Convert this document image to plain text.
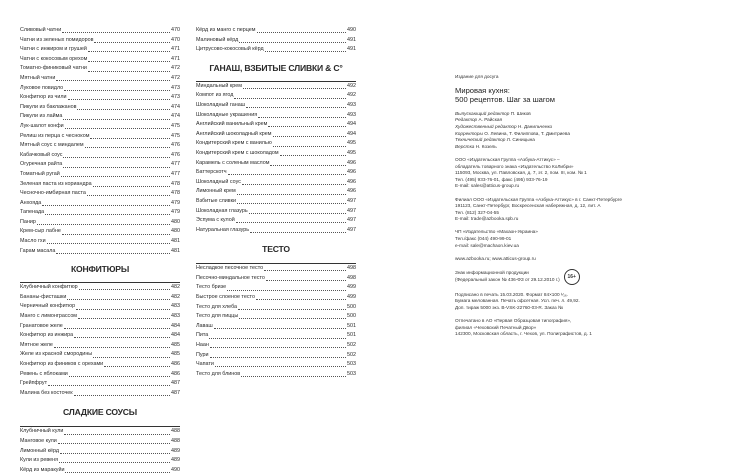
Сливовый чатни	470
Чатни из зеленых помидоров	470
Чатни с инжиром и грушей	471
Чатни с кокосовым орехом	471
Томатно-финиковый чатни	472
Мятный чатни	472
Луковое повидло	473
Конфитюр из чили	473
Пикули из баклажанов	474
Пикули из лайма	474
Лук-шалот конфи	475
Релиш из перца с чесноком	475
Мятный соус с миндалем	476
Кабачковый соус	476
Огуречная райта	477
Томатный ругай	477
Зеленая паста из кориандра	478
Чесночно-имбирная паста	478
Анхоядa	479
Тапенада	479
Панир	480
Крем-сыр лабне	480
Масло гхи	481
Гарам масала	481
КОНФИТЮРЫ
Клубничный конфитюр	482
Бананы-фисташки	482
Черничный конфитюр	483
Манго с лимонграссом	483
Гранатовое желе	484
Конфитюр из инжира	484
Мятное желе	485
Желе из красной смородины	485
Конфитюр из фиников с орехами	486
Ревень с яблоками	486
Грейпфрут	487
Малина без косточек	487
СЛАДКИЕ СОУСЫ
Клубничный кули	488
Манговое кули	488
Лимонный кёрд	489
Кули из ревеня	489
Кёрд из маракуйи	490
Кёрд из манго с перцем	490
Малиновый кёрд	491
Цитрусово-кокосовый кёрд	491
ГАНАШ, ВЗБИТЫЕ СЛИВКИ & C°
Миндальный крем	492
Компот из ягод	492
Шоколадный ганаш	493
Шоколадные украшения	493
Английский ванильный крем	494
Английский шоколадный крем	494
Кондитерский крем с ванилью	495
Кондитерский крем с шоколадом	495
Карамель с соленым маслом	496
Баттерскотч	496
Шоколадный соус	496
Лимонный крем	496
Взбитые сливки	497
Шоколадная глазурь	497
Эспума с кулой	497
Натуральная глазурь	497
ТЕСТО
Несладкое песочное тесто	498
Песочно-миндальное тесто	498
Тесто бризе	499
Быстрое слоеное тесто	499
Тесто для хлеба	500
Тесто для пиццы	500
Лаваш	501
Пита	501
Наан	502
Пури	502
Чапати	503
Тесто для блинов	503
Издание для досуга
Мировая кухня:
500 рецептов. Шаг за шагом
Выпускающий редактор П. Шиков
Редактор А. Райская
Художественный редактор Н. Данильченко
Корректоры О. Левина, Т. Филиппова, Т. Дмитриева
Технический редактор Л. Синицына
Верстка Н. Козель
ООО «Издательская Группа «Азбука-Аттикус» –
обладатель товарного знака «Издательство КоЛибри»
115093, Москва, ул. Павловская, д. 7, эт. 2, пом. III, ком. № 1
Тел. (495) 933-76-01, факс (495) 933-76-19
E-mail: sales@atticus-group.ru
Филиал ООО «Издательская Группа «Азбука-Аттикус» в г. Санкт-Петербурге
191123, Санкт-Петербург, Воскресенская набережная, д. 12, лит. А
Тел. (812) 327-04-55
E-mail: trade@azbooka.spb.ru
ЧП «Издательство «Махаон-Украина»
Тел./факс (044) 490-99-01
e-mail: sale@machaon.kiev.ua
www.azbooka.ru; www.atticus-group.ru
Знак информационной продукции
(Федеральный закон № 436-ФЗ от 29.12.2010 г.)	16+
Подписано в печать 15.03.2020. Формат 84×100 ¹⁄₁₆.
Бумага мелованная. Печать офсетная. Усл. печ. л. 49,92.
Доп. тираж 5000 экз. B-VSK-22760-03-R. Заказ №
Отпечатано в АО «Первая Образцовая типография»,
филиал «Чеховский Печатный Двор»
142300, Московская область, г. Чехов, ул. Полиграфистов, д. 1
